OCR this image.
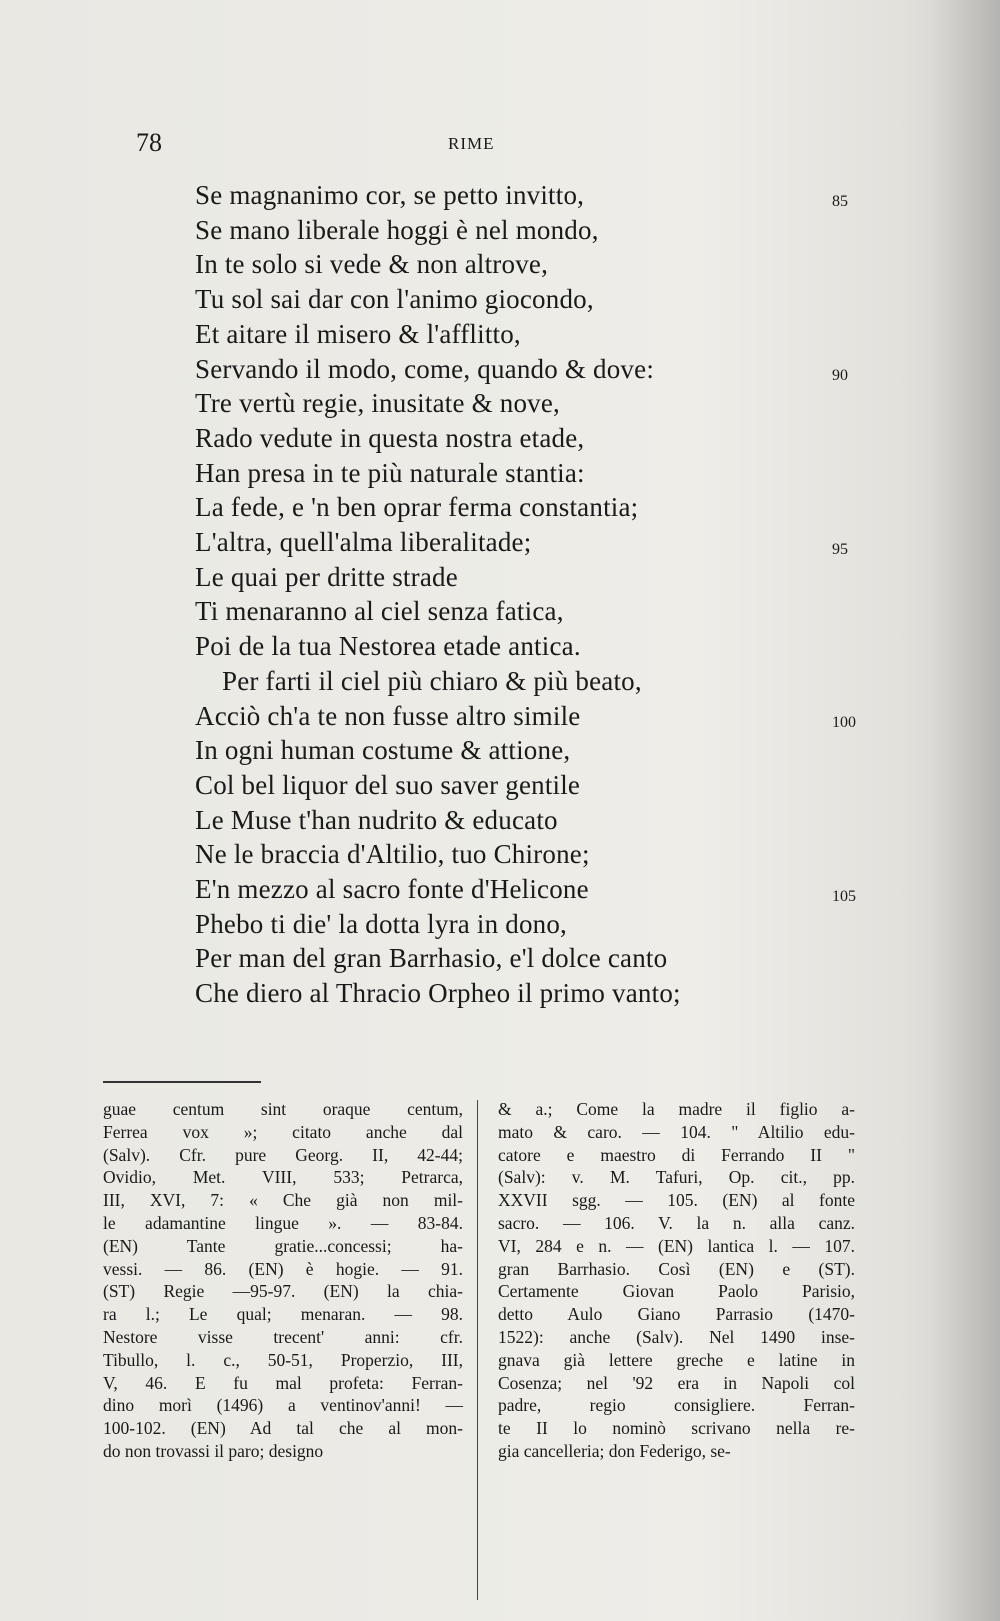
78	RIME
Se magnanimo cor, se petto invitto,
Se mano liberale hoggi è nel mondo,
In te solo si vede & non altrove,
Tu sol sai dar con l'animo giocondo,
Et aitare il misero & l'afflitto,
Servando il modo, come, quando & dove:
Tre vertù regie, inusitate & nove,
Rado vedute in questa nostra etade,
Han presa in te più naturale stantia:
La fede, e 'n ben oprar ferma constantia;
L'altra, quell'alma liberalitade;
Le quai per dritte strade
Ti menaranno al ciel senza fatica,
Poi de la tua Nestorea etade antica.
Per farti il ciel più chiaro & più beato,
Acciò ch'a te non fusse altro simile
In ogni human costume & attione,
Col bel liquor del suo saver gentile
Le Muse t'han nudrito & educato
Ne le braccia d'Altilio, tuo Chirone;
E'n mezzo al sacro fonte d'Helicone
Phebo ti die' la dotta lyra in dono,
Per man del gran Barrhasio, e'l dolce canto
Che diero al Thracio Orpheo il primo vanto;
85
90
95
100
105
guae centum sint oraque centum,
Ferrea vox »; citato anche dal
(Salv). Cfr. pure Georg. II, 42-44;
Ovidio, Met. VIII, 533; Petrarca,
III, XVI, 7: « Che già non mil-
le adamantine lingue ». — 83-84.
(EN) Tante gratie...concessi; ha-
vessi. — 86. (EN) è hogie. — 91.
(ST) Regie —95-97. (EN) la chia-
ra l.; Le qual; menaran. — 98.
Nestore visse trecent' anni: cfr.
Tibullo, l. c., 50-51, Properzio, III,
V, 46. E fu mal profeta: Ferran-
dino morì (1496) a ventinov'anni! —
100-102. (EN) Ad tal che al mon-
do non trovassi il paro; designo
& a.; Come la madre il figlio a-
mato & caro. — 104. " Altilio edu-
catore e maestro di Ferrando II "
(Salv): v. M. Tafuri, Op. cit., pp.
XXVII sgg. — 105. (EN) al fonte
sacro. — 106. V. la n. alla canz.
VI, 284 e n. — (EN) lantica l. — 107.
gran Barrhasio. Così (EN) e (ST).
Certamente Giovan Paolo Parisio,
detto Aulo Giano Parrasio (1470-
1522): anche (Salv). Nel 1490 inse-
gnava già lettere greche e latine in
Cosenza; nel '92 era in Napoli col
padre, regio consigliere. Ferran-
te II lo nominò scrivano nella re-
gia cancelleria; don Federigo, se-
